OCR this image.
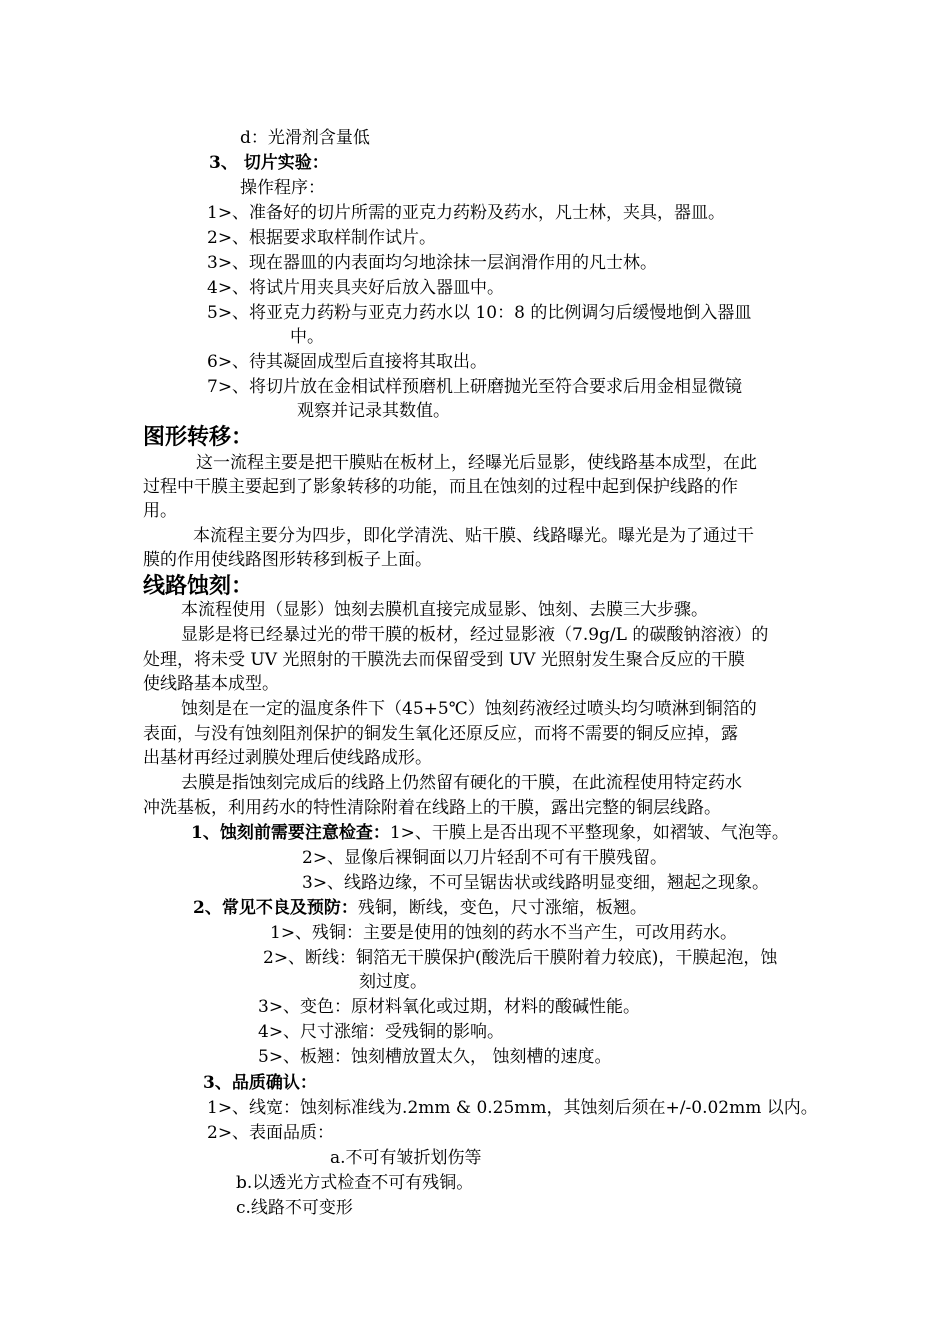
d：光滑剂含量低
3、 切片实验：
操作程序：
1>、准备好的切片所需的亚克力药粉及药水，凡士林，夹具，器皿。
2>、根据要求取样制作试片。
3>、现在器皿的内表面均匀地涂抹一层润滑作用的凡士林。
4>、将试片用夹具夹好后放入器皿中。
5>、将亚克力药粉与亚克力药水以 10：8 的比例调匀后缓慢地倒入器皿
中。
6>、待其凝固成型后直接将其取出。
7>、将切片放在金相试样预磨机上研磨抛光至符合要求后用金相显微镜
观察并记录其数值。
图形转移：
这一流程主要是把干膜贴在板材上，经曝光后显影，使线路基本成型，在此
过程中干膜主要起到了影象转移的功能，而且在蚀刻的过程中起到保护线路的作
用。
本流程主要分为四步，即化学清洗、贴干膜、线路曝光。曝光是为了通过干
膜的作用使线路图形转移到板子上面。
线路蚀刻：
本流程使用（显影）蚀刻去膜机直接完成显影、蚀刻、去膜三大步骤。
显影是将已经暴过光的带干膜的板材，经过显影液（7.9g/L 的碳酸钠溶液）的
处理，将未受 UV 光照射的干膜洗去而保留受到 UV 光照射发生聚合反应的干膜
使线路基本成型。
蚀刻是在一定的温度条件下（45+5℃）蚀刻药液经过喷头均匀喷淋到铜箔的
表面，与没有蚀刻阻剂保护的铜发生氧化还原反应，而将不需要的铜反应掉，露
出基材再经过剥膜处理后使线路成形。
去膜是指蚀刻完成后的线路上仍然留有硬化的干膜，在此流程使用特定药水
冲洗基板，利用药水的特性清除附着在线路上的干膜，露出完整的铜层线路。
1、蚀刻前需要注意检查：1>、干膜上是否出现不平整现象，如褶皱、气泡等。
2>、显像后裸铜面以刀片轻刮不可有干膜残留。
3>、线路边缘，不可呈锯齿状或线路明显变细，翘起之现象。
2、常见不良及预防：残铜，断线，变色，尺寸涨缩，板翘。
1>、残铜：主要是使用的蚀刻的药水不当产生，可改用药水。
2>、断线：铜箔无干膜保护(酸洗后干膜附着力较底)，干膜起泡，蚀
刻过度。
3>、变色：原材料氧化或过期，材料的酸碱性能。
4>、尺寸涨缩：受残铜的影响。
5>、板翘：蚀刻槽放置太久， 蚀刻槽的速度。
3、品质确认：
1>、线宽：蚀刻标准线为.2mm & 0.25mm，其蚀刻后须在+/-0.02mm 以内。
2>、表面品质：
a.不可有皱折划伤等
b.以透光方式检查不可有残铜。
c.线路不可变形
